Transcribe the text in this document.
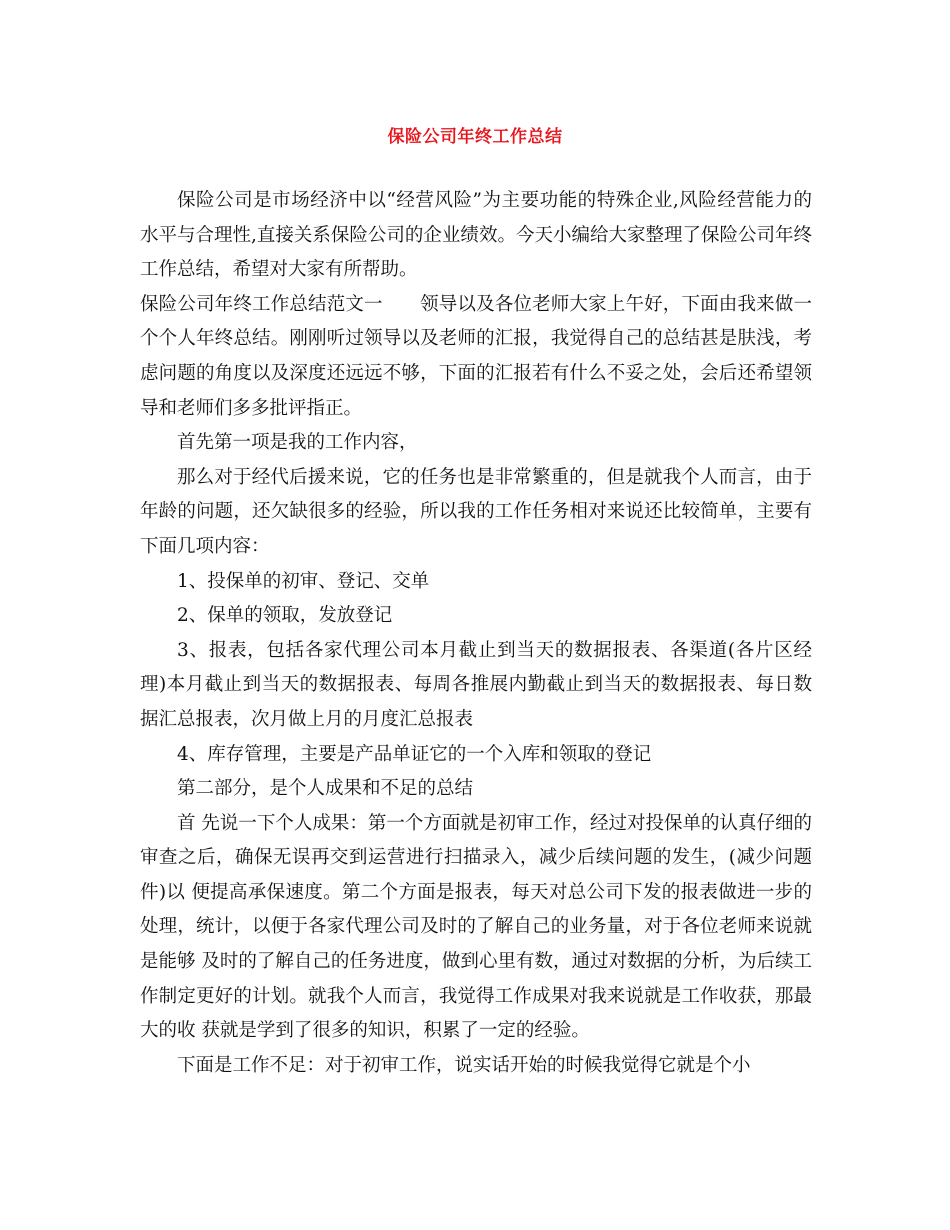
保险公司年终工作总结

保险公司是市场经济中以“经营风险”为主要功能的特殊企业,风险经营能力的水平与合理性,直接关系保险公司的企业绩效。今天小编给大家整理了保险公司年终工作总结，希望对大家有所帮助。

保险公司年终工作总结范文一　　领导以及各位老师大家上午好，下面由我来做一个个人年终总结。刚刚听过领导以及老师的汇报，我觉得自己的总结甚是肤浅，考虑问题的角度以及深度还远远不够，下面的汇报若有什么不妥之处，会后还希望领导和老师们多多批评指正。

首先第一项是我的工作内容，

那么对于经代后援来说，它的任务也是非常繁重的，但是就我个人而言，由于年龄的问题，还欠缺很多的经验，所以我的工作任务相对来说还比较简单，主要有下面几项内容：

1、投保单的初审、登记、交单

2、保单的领取，发放登记

3、报表，包括各家代理公司本月截止到当天的数据报表、各渠道(各片区经理)本月截止到当天的数据报表、每周各推展内勤截止到当天的数据报表、每日数据汇总报表，次月做上月的月度汇总报表

4、库存管理，主要是产品单证它的一个入库和领取的登记

第二部分，是个人成果和不足的总结

首 先说一下个人成果：第一个方面就是初审工作，经过对投保单的认真仔细的审查之后，确保无误再交到运营进行扫描录入，减少后续问题的发生，(减少问题件)以 便提高承保速度。第二个方面是报表，每天对总公司下发的报表做进一步的处理，统计，以便于各家代理公司及时的了解自己的业务量，对于各位老师来说就是能够 及时的了解自己的任务进度，做到心里有数，通过对数据的分析，为后续工作制定更好的计划。就我个人而言，我觉得工作成果对我来说就是工作收获，那最大的收 获就是学到了很多的知识，积累了一定的经验。

下面是工作不足：对于初审工作，说实话开始的时候我觉得它就是个小
